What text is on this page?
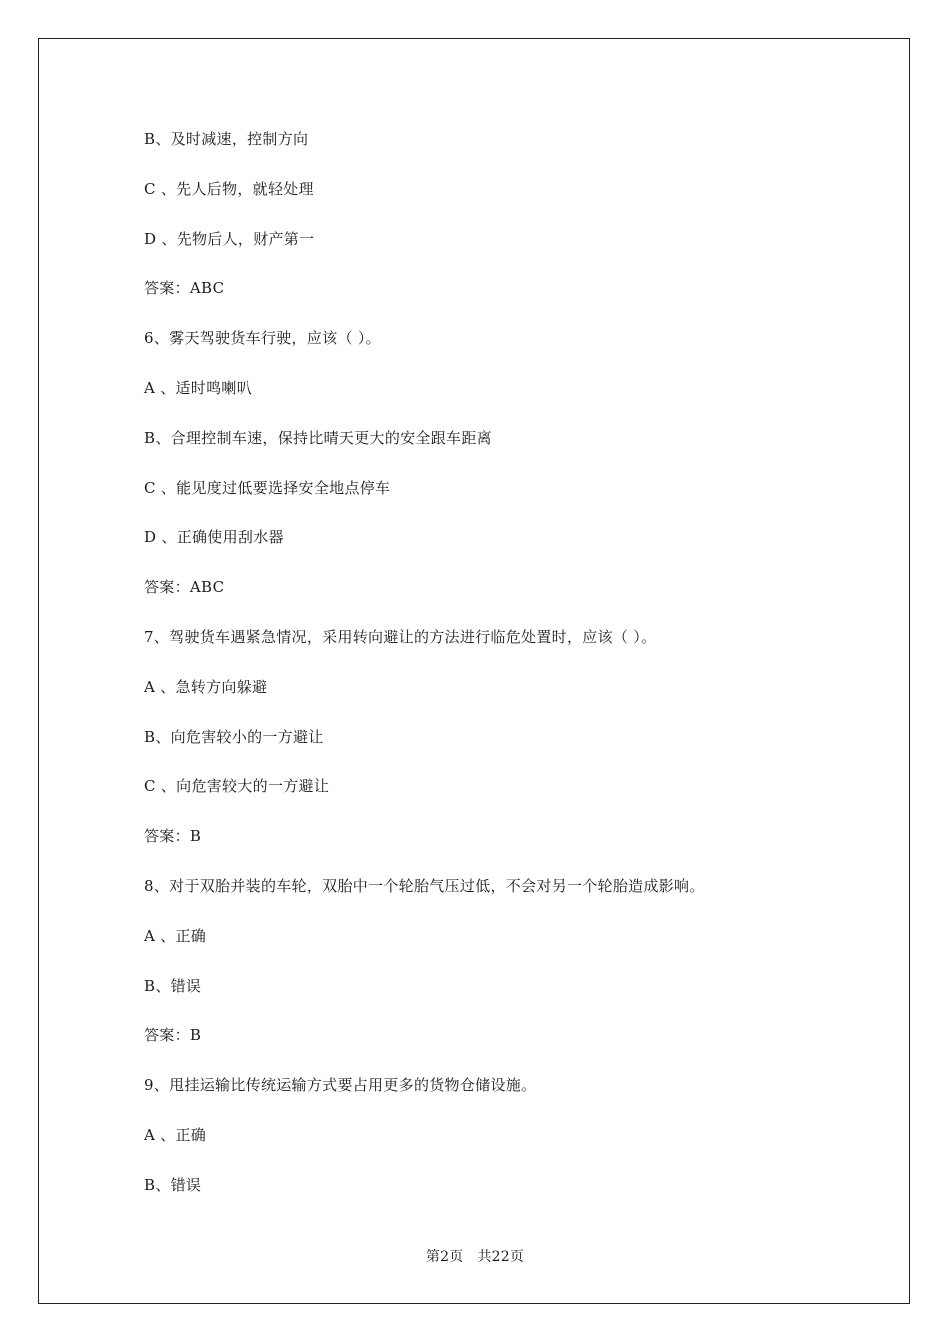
B、及时减速，控制方向
C 、先人后物，就轻处理
D 、先物后人，财产第一
答案：ABC
6、雾天驾驶货车行驶，应该（ ）。
A 、适时鸣喇叭
B、合理控制车速，保持比晴天更大的安全跟车距离
C 、能见度过低要选择安全地点停车
D 、正确使用刮水器
答案：ABC
7、驾驶货车遇紧急情况，采用转向避让的方法进行临危处置时，应该（ ）。
A 、急转方向躲避
B、向危害较小的一方避让
C 、向危害较大的一方避让
答案：B
8、对于双胎并装的车轮，双胎中一个轮胎气压过低，不会对另一个轮胎造成影响。
A 、正确
B、错误
答案：B
9、甩挂运输比传统运输方式要占用更多的货物仓储设施。
A 、正确
B、错误
第2页 共22页
